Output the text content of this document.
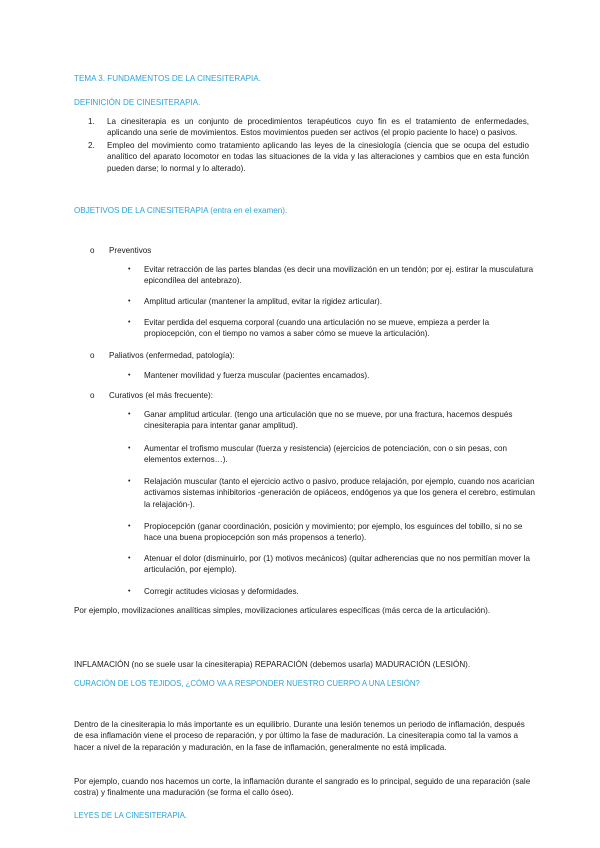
TEMA 3. FUNDAMENTOS DE LA CINESITERAPIA.
DEFINICIÓN DE CINESITERAPIA.
1. La cinesiterapia es un conjunto de procedimientos terapéuticos cuyo fin es el tratamiento de enfermedades, aplicando una serie de movimientos. Estos movimientos pueden ser activos (el propio paciente lo hace) o pasivos.
2. Empleo del movimiento como tratamiento aplicando las leyes de la cinesiología (ciencia que se ocupa del estudio analítico del aparato locomotor en todas las situaciones de la vida y las alteraciones y cambios que en esta función pueden darse; lo normal y lo alterado).
OBJETIVOS DE LA CINESITERAPIA (entra en el examen).
o Preventivos
•	Evitar retracción de las partes blandas (es decir una movilización en un tendón; por ej. estirar la musculatura epicondílea del antebrazo).
•	Amplitud articular (mantener la amplitud, evitar la rigidez articular).
•	Evitar perdida del esquema corporal (cuando una articulación no se mueve, empieza a perder la propiocepción, con el tiempo no vamos a saber cómo se mueve la articulación).
o Paliativos (enfermedad, patología):
•	Mantener movilidad y fuerza muscular (pacientes encamados).
o Curativos (el más frecuente):
•	Ganar amplitud articular. (tengo una articulación que no se mueve, por una fractura, hacemos después cinesiterapia para intentar ganar amplitud).
•	Aumentar el trofismo muscular (fuerza y resistencia) (ejercicios de potenciación, con o sin pesas, con elementos externos…).
•	Relajación muscular (tanto el ejercicio activo o pasivo, produce relajación, por ejemplo, cuando nos acarician activamos sistemas inhibitorios -generación de opiáceos, endógenos ya que los genera el cerebro, estimulan la relajación-).
•	Propiocepción (ganar coordinación, posición y movimiento; por ejemplo, los esguinces del tobillo, si no se hace una buena propiocepción son más propensos a tenerlo).
•	Atenuar el dolor (disminuirlo, por (1) motivos mecánicos) (quitar adherencias que no nos permitían mover la articulación, por ejemplo).
•	Corregir actitudes viciosas y deformidades.
Por ejemplo, movilizaciones analíticas simples, movilizaciones articulares específicas (más cerca de la articulación).
INFLAMACIÓN (no se suele usar la cinesiterapia) REPARACIÓN (debemos usarla) MADURACIÓN (LESIÓN).
CURACIÓN DE LOS TEJIDOS, ¿CÓMO VA A RESPONDER NUESTRO CUERPO A UNA LESIÓN?
Dentro de la cinesiterapia lo más importante es un equilibrio. Durante una lesión tenemos un periodo de inflamación, después de esa inflamación viene el proceso de reparación, y por último la fase de maduración. La cinesiterapia como tal la vamos a hacer a nivel de la reparación y maduración, en la fase de inflamación, generalmente no está implicada.
Por ejemplo, cuando nos hacemos un corte, la inflamación durante el sangrado es lo principal, seguido de una reparación (sale costra) y finalmente una maduración (se forma el callo óseo).
LEYES DE LA CINESITERAPIA.
